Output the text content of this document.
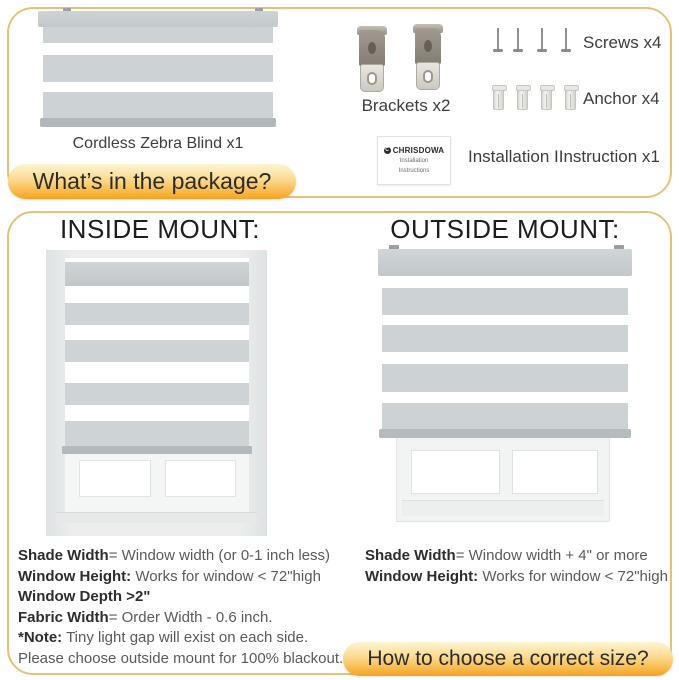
Cordless Zebra Blind x1
Brackets x2
Screws x4
Anchor x4
C CHRISDOWA
Installation
Instructions
Installation IInstruction x1
What’s in the package?
INSIDE MOUNT:	OUTSIDE MOUNT:
Shade Width= Window width (or 0-1 inch less)
Window Height: Works for window < 72"high
Window Depth >2"
Fabric Width= Order Width - 0.6 inch.
*Note: Tiny light gap will exist on each side.
Please choose outside mount for 100% blackout.
Shade Width= Window width + 4" or more
Window Height: Works for window < 72"high
How to choose a correct size?
